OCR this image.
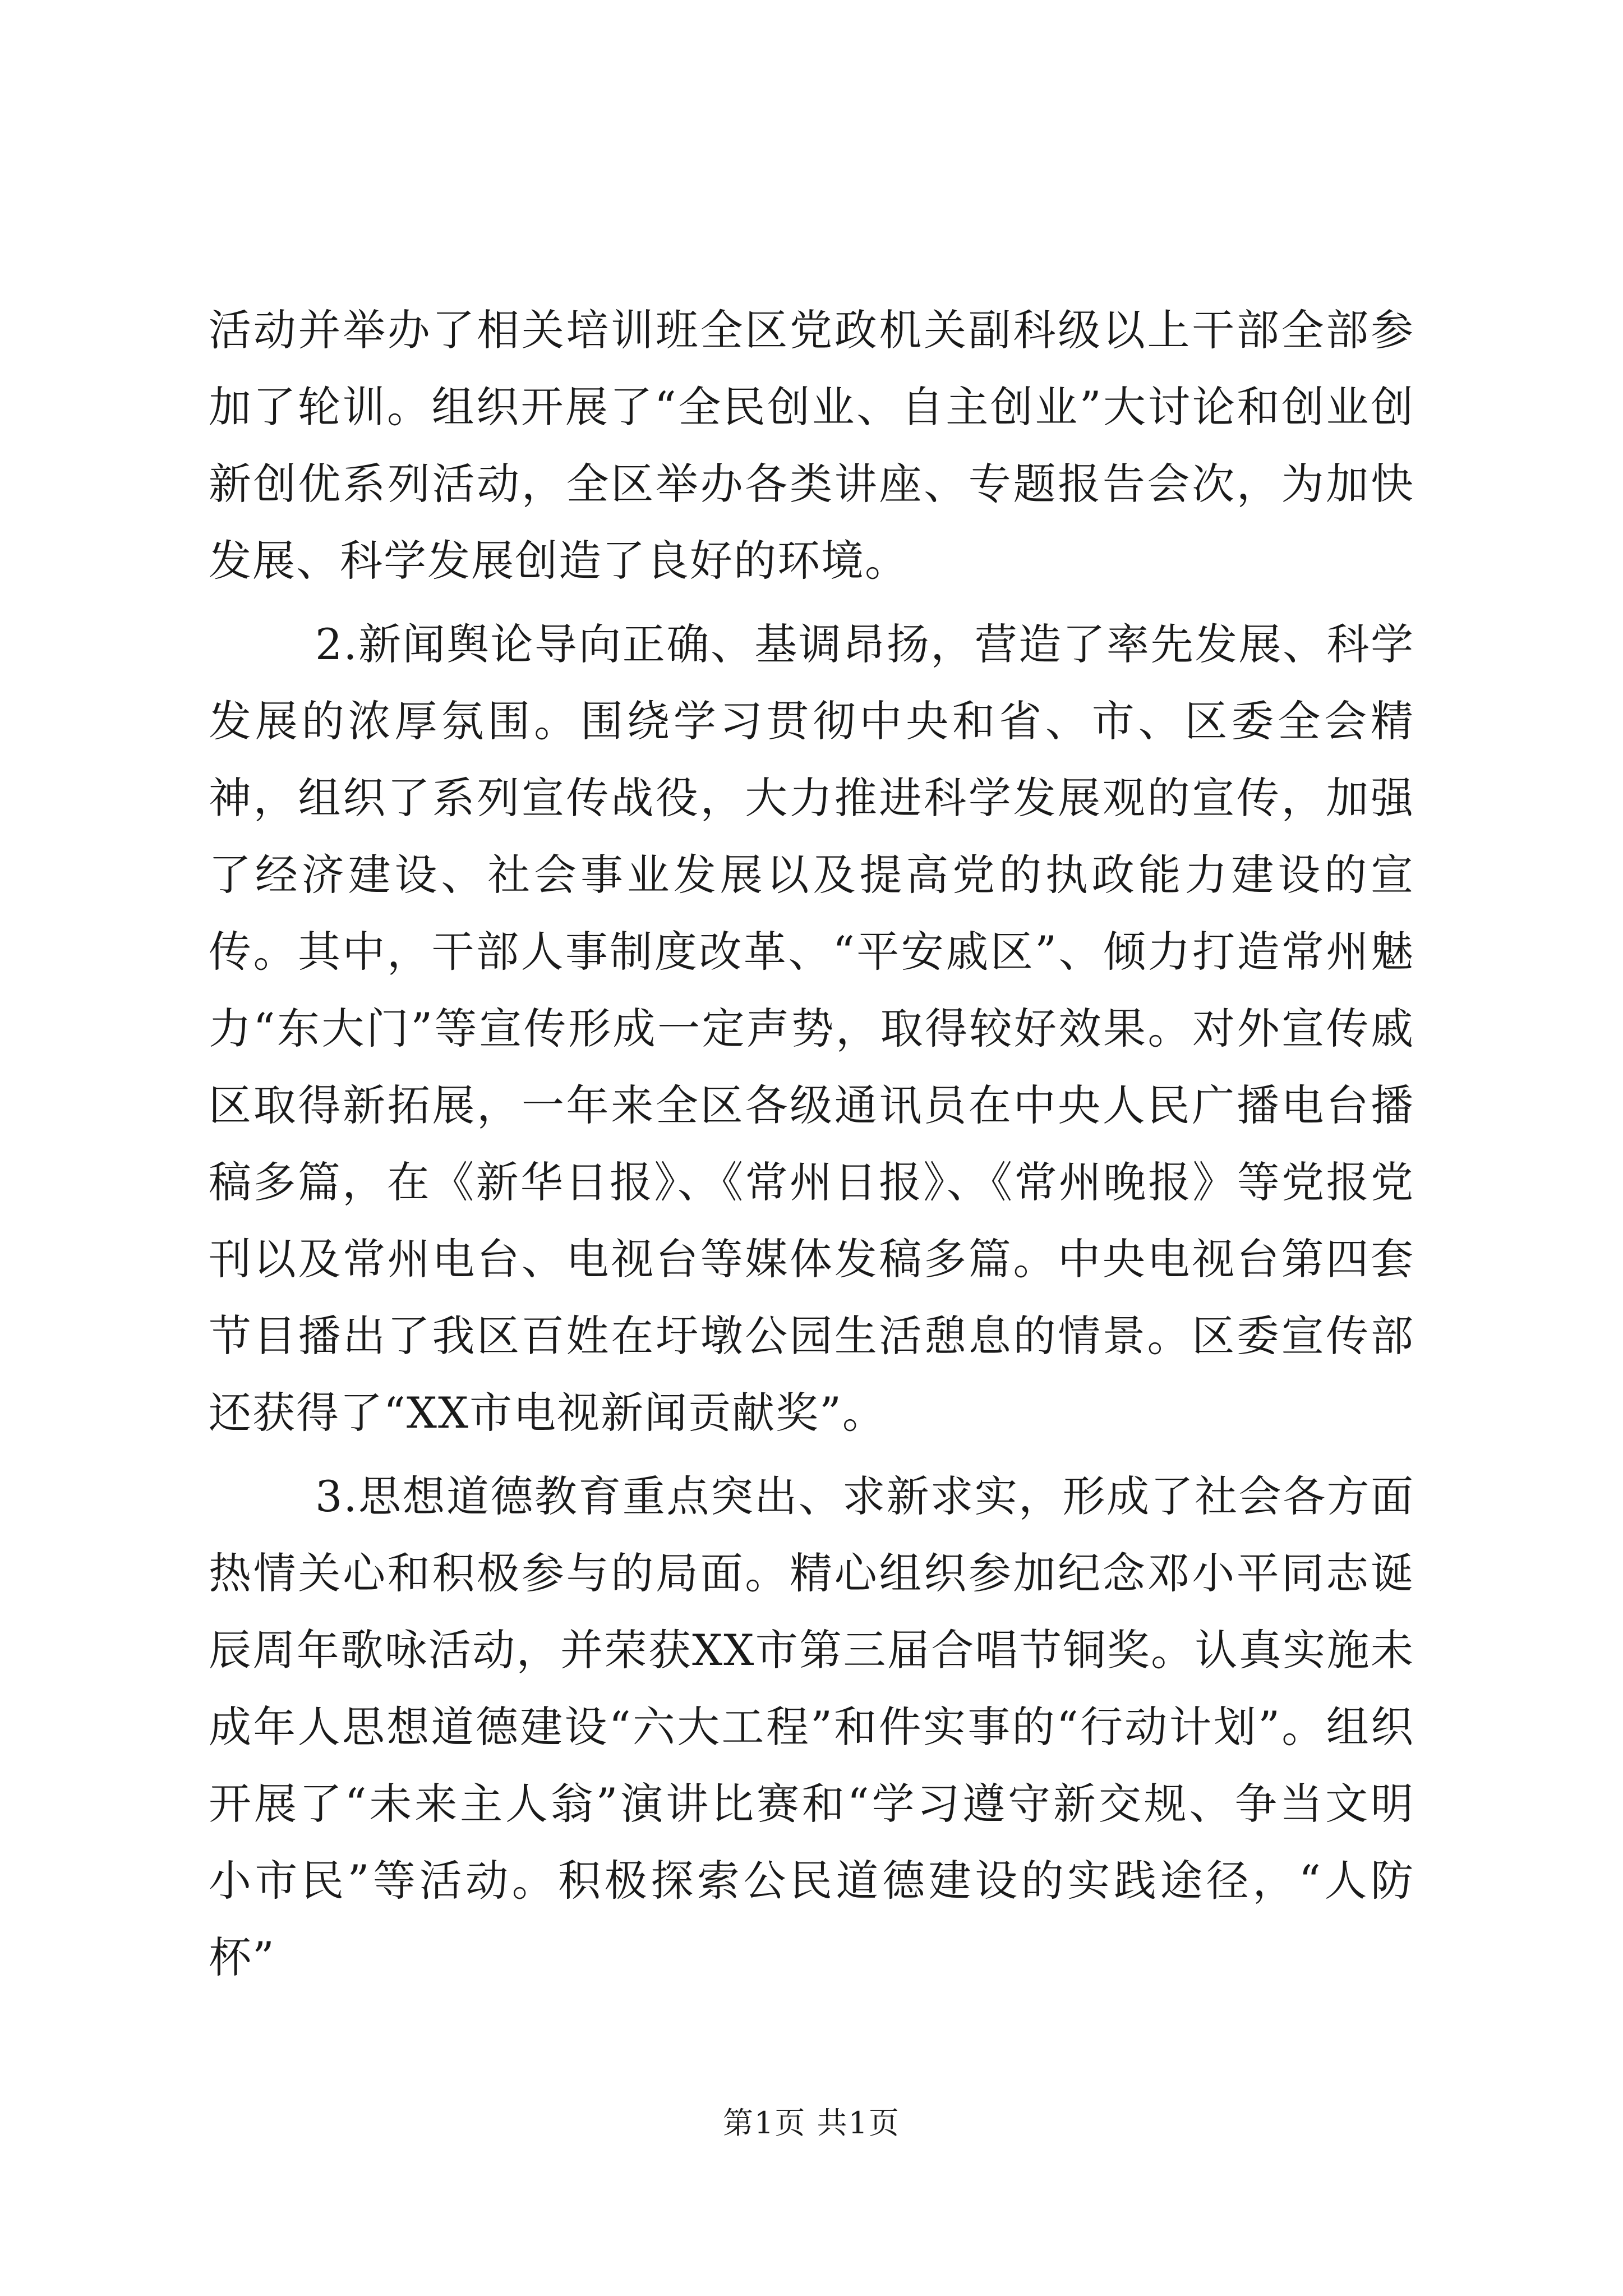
活动并举办了相关培训班全区党政机关副科级以上干部全部参加了轮训。组织开展了“全民创业、自主创业”大讨论和创业创新创优系列活动，全区举办各类讲座、专题报告会次，为加快发展、科学发展创造了良好的环境。

2.新闻舆论导向正确、基调昂扬，营造了率先发展、科学发展的浓厚氛围。围绕学习贯彻中央和省、市、区委全会精神，组织了系列宣传战役，大力推进科学发展观的宣传，加强了经济建设、社会事业发展以及提高党的执政能力建设的宣传。其中，干部人事制度改革、“平安戚区”、倾力打造常州魅力“东大门”等宣传形成一定声势，取得较好效果。对外宣传戚区取得新拓展，一年来全区各级通讯员在中央人民广播电台播稿多篇，在《新华日报》、《常州日报》、《常州晚报》等党报党刊以及常州电台、电视台等媒体发稿多篇。中央电视台第四套节目播出了我区百姓在圩墩公园生活憩息的情景。区委宣传部还获得了“XX市电视新闻贡献奖”。

3.思想道德教育重点突出、求新求实，形成了社会各方面热情关心和积极参与的局面。精心组织参加纪念邓小平同志诞辰周年歌咏活动，并荣获XX市第三届合唱节铜奖。认真实施未成年人思想道德建设“六大工程”和件实事的“行动计划”。组织开展了“未来主人翁”演讲比赛和“学习遵守新交规、争当文明小市民”等活动。积极探索公民道德建设的实践途径，“人防杯”

第1页 共1页
